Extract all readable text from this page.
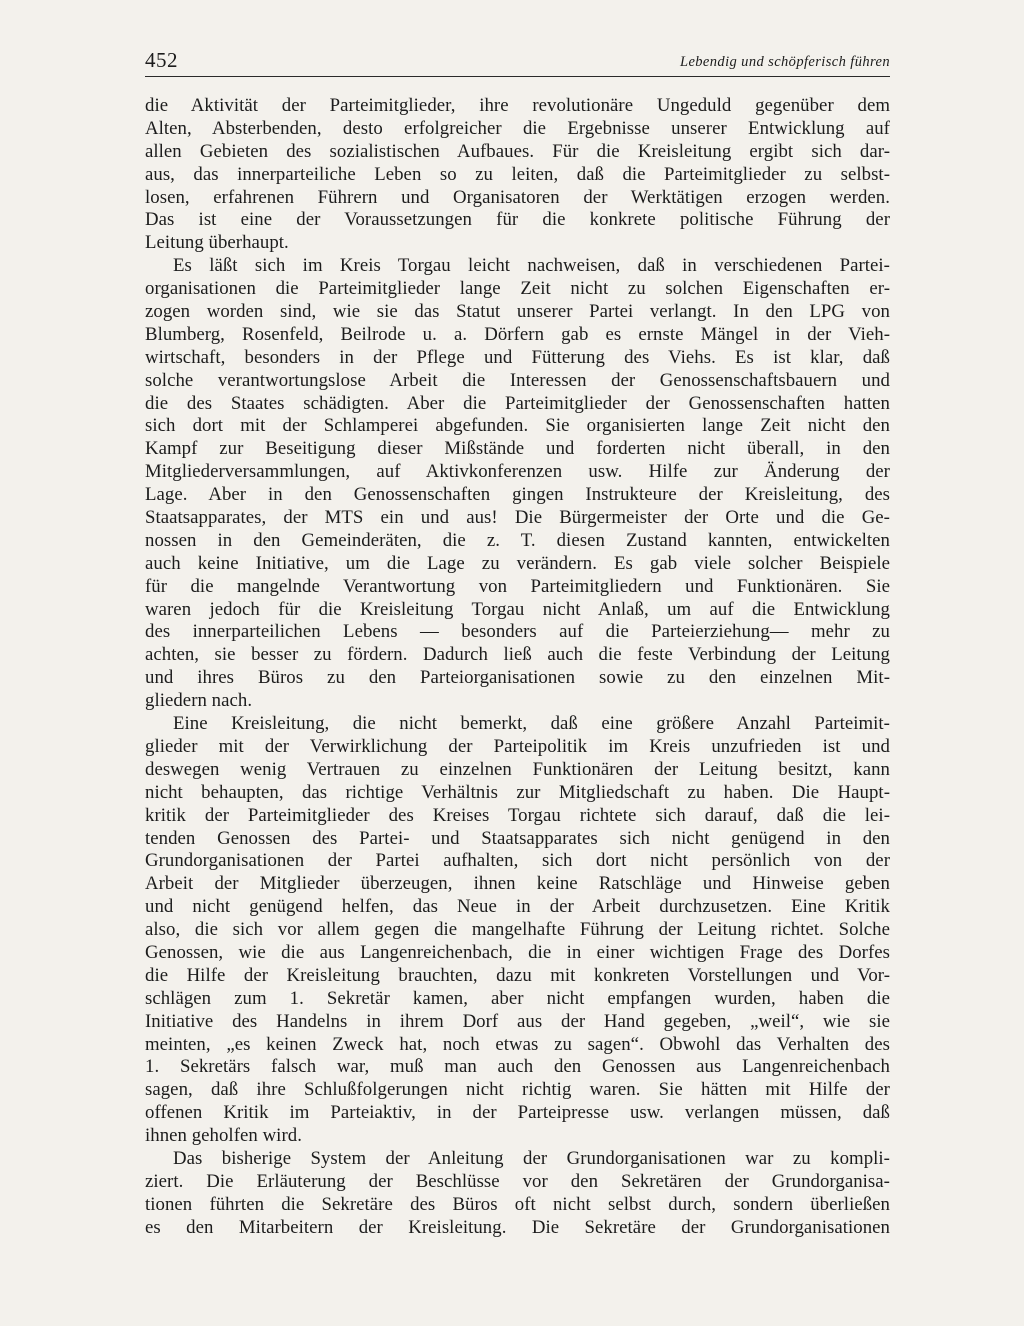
452	Lebendig und schöpferisch führen
die Aktivität der Parteimitglieder, ihre revolutionäre Ungeduld gegenüber dem
Alten, Absterbenden, desto erfolgreicher die Ergebnisse unserer Entwicklung auf
allen Gebieten des sozialistischen Aufbaues. Für die Kreisleitung ergibt sich dar-
aus, das innerparteiliche Leben so zu leiten, daß die Parteimitglieder zu selbst-
losen, erfahrenen Führern und Organisatoren der Werktätigen erzogen werden.
Das ist eine der Voraussetzungen für die konkrete politische Führung der
Leitung überhaupt.
Es läßt sich im Kreis Torgau leicht nachweisen, daß in verschiedenen Partei-
organisationen die Parteimitglieder lange Zeit nicht zu solchen Eigenschaften er-
zogen worden sind, wie sie das Statut unserer Partei verlangt. In den LPG von
Blumberg, Rosenfeld, Beilrode u. a. Dörfern gab es ernste Mängel in der Vieh-
wirtschaft, besonders in der Pflege und Fütterung des Viehs. Es ist klar, daß
solche verantwortungslose Arbeit die Interessen der Genossenschaftsbauern und
die des Staates schädigten. Aber die Parteimitglieder der Genossenschaften hatten
sich dort mit der Schlamperei abgefunden. Sie organisierten lange Zeit nicht den
Kampf zur Beseitigung dieser Mißstände und forderten nicht überall, in den
Mitgliederversammlungen, auf Aktivkonferenzen usw. Hilfe zur Änderung der
Lage. Aber in den Genossenschaften gingen Instrukteure der Kreisleitung, des
Staatsapparates, der MTS ein und aus! Die Bürgermeister der Orte und die Ge-
nossen in den Gemeinderäten, die z. T. diesen Zustand kannten, entwickelten
auch keine Initiative, um die Lage zu verändern. Es gab viele solcher Beispiele
für die mangelnde Verantwortung von Parteimitgliedern und Funktionären. Sie
waren jedoch für die Kreisleitung Torgau nicht Anlaß, um auf die Entwicklung
des innerparteilichen Lebens — besonders auf die Parteierziehung— mehr zu
achten, sie besser zu fördern. Dadurch ließ auch die feste Verbindung der Leitung
und ihres Büros zu den Parteiorganisationen sowie zu den einzelnen Mit-
gliedern nach.
Eine Kreisleitung, die nicht bemerkt, daß eine größere Anzahl Parteimit-
glieder mit der Verwirklichung der Parteipolitik im Kreis unzufrieden ist und
deswegen wenig Vertrauen zu einzelnen Funktionären der Leitung besitzt, kann
nicht behaupten, das richtige Verhältnis zur Mitgliedschaft zu haben. Die Haupt-
kritik der Parteimitglieder des Kreises Torgau richtete sich darauf, daß die lei-
tenden Genossen des Partei- und Staatsapparates sich nicht genügend in den
Grundorganisationen der Partei aufhalten, sich dort nicht persönlich von der
Arbeit der Mitglieder überzeugen, ihnen keine Ratschläge und Hinweise geben
und nicht genügend helfen, das Neue in der Arbeit durchzusetzen. Eine Kritik
also, die sich vor allem gegen die mangelhafte Führung der Leitung richtet. Solche
Genossen, wie die aus Langenreichenbach, die in einer wichtigen Frage des Dorfes
die Hilfe der Kreisleitung brauchten, dazu mit konkreten Vorstellungen und Vor-
schlägen zum 1. Sekretär kamen, aber nicht empfangen wurden, haben die
Initiative des Handelns in ihrem Dorf aus der Hand gegeben, „weil“, wie sie
meinten, „es keinen Zweck hat, noch etwas zu sagen“. Obwohl das Verhalten des
1. Sekretärs falsch war, muß man auch den Genossen aus Langenreichenbach
sagen, daß ihre Schlußfolgerungen nicht richtig waren. Sie hätten mit Hilfe der
offenen Kritik im Parteiaktiv, in der Parteipresse usw. verlangen müssen, daß
ihnen geholfen wird.
Das bisherige System der Anleitung der Grundorganisationen war zu kompli-
ziert. Die Erläuterung der Beschlüsse vor den Sekretären der Grundorganisa-
tionen führten die Sekretäre des Büros oft nicht selbst durch, sondern überließen
es den Mitarbeitern der Kreisleitung. Die Sekretäre der Grundorganisationen
